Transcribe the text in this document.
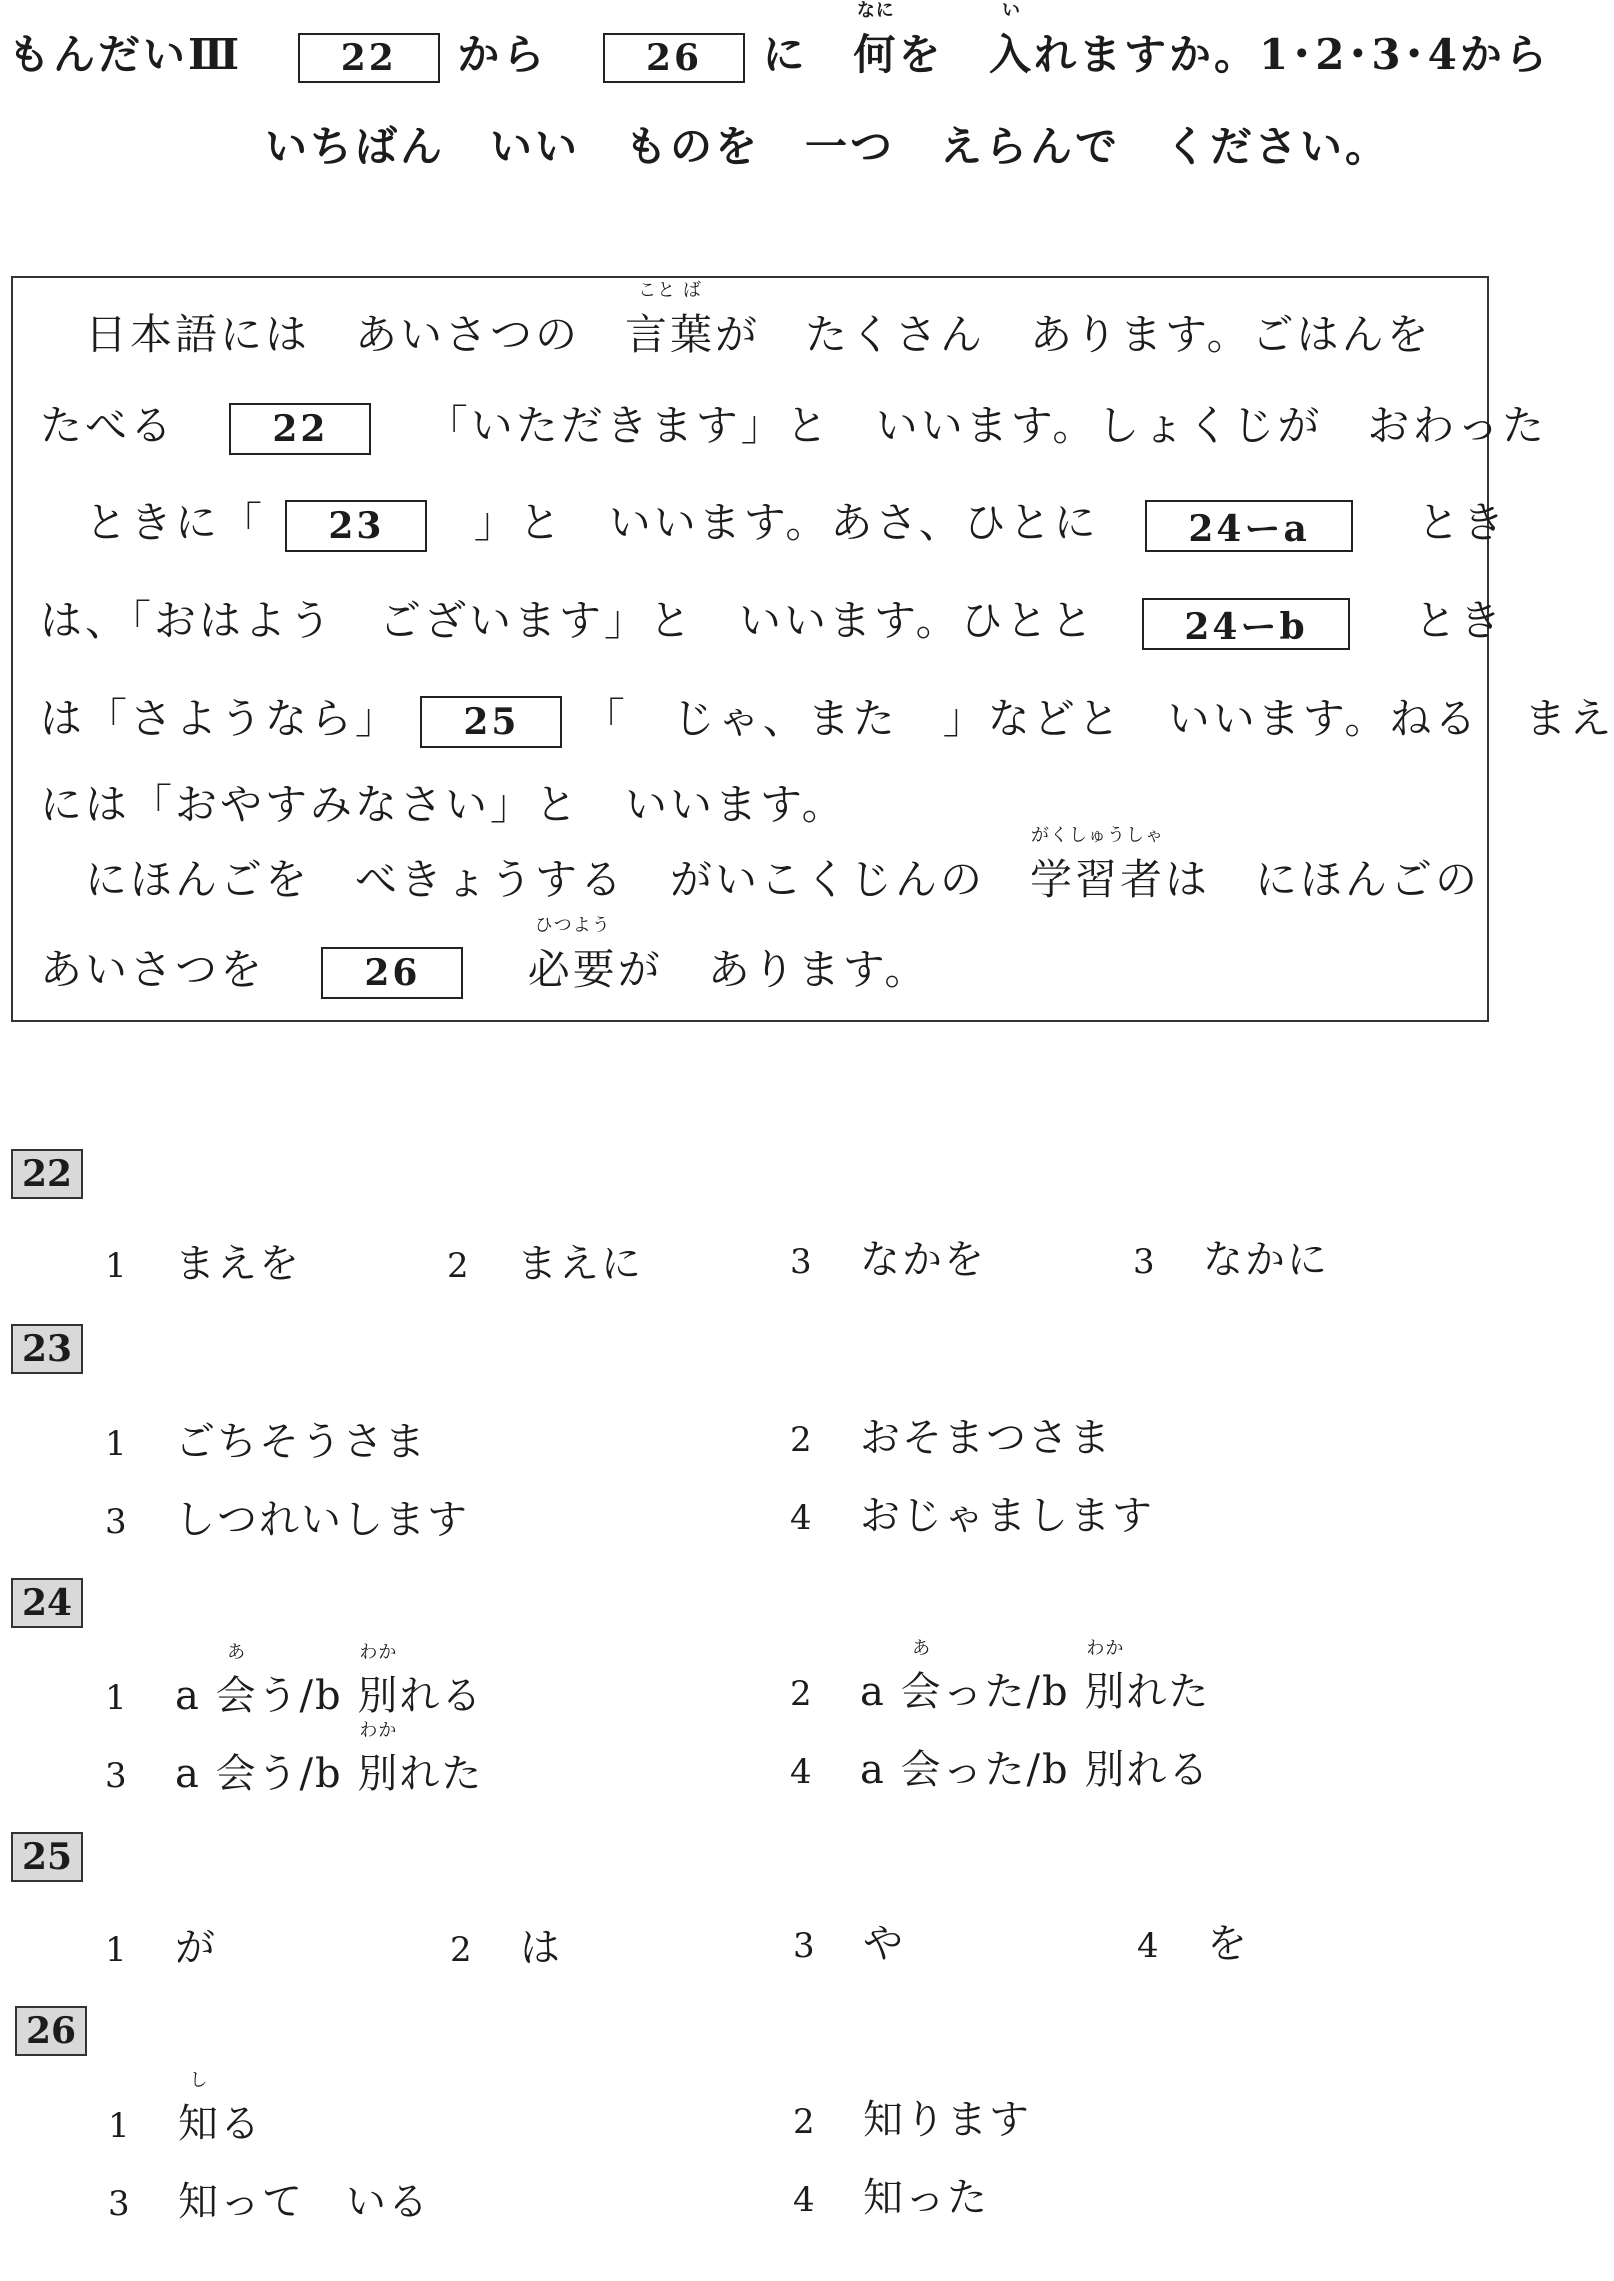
もんだいⅢ	22 から	26 に
なに
何を
い
入れますか。1･2･3･4から
いちばん　いい　ものを　一つ　えらんで　ください。
日本語には　あいさつの　
こと ば
言葉が　たくさん　あります。ごはんを
たべる	22 「いただきます」と　いいます。しょくじが　おわった
ときに「 23 」と　いいます。あさ、ひとに 24ーa	とき
は、「おはよう　ございます」と　いいます。ひとと 24ーb	とき
は「さようなら」 25 「　じゃ、また　」などと　いいます。ねる　まえ
には「おやすみなさい」と　いいます。
にほんごを　べきょうする　がいこくじんの　
がくしゅうしゃ
学習者は　にほんごの
あいさつを	26
ひつよう
必要が　あります。
22
1 まえを	2 まえに	3 なかを	3 なかに
23
1 ごちそうさま	2 おそまつさま
3 しつれいします	4 おじゃまします
24
1 a
あ
会う/b
わか
別れる	2 a
あ
会った/b
わか
別れた
3 a 会う/b
わか
別れた	4 a 会った/b 別れる
25
1 が	2 は	3 や	4 を
26
1
し
知る	2 知ります
3 知って　いる	4 知った
